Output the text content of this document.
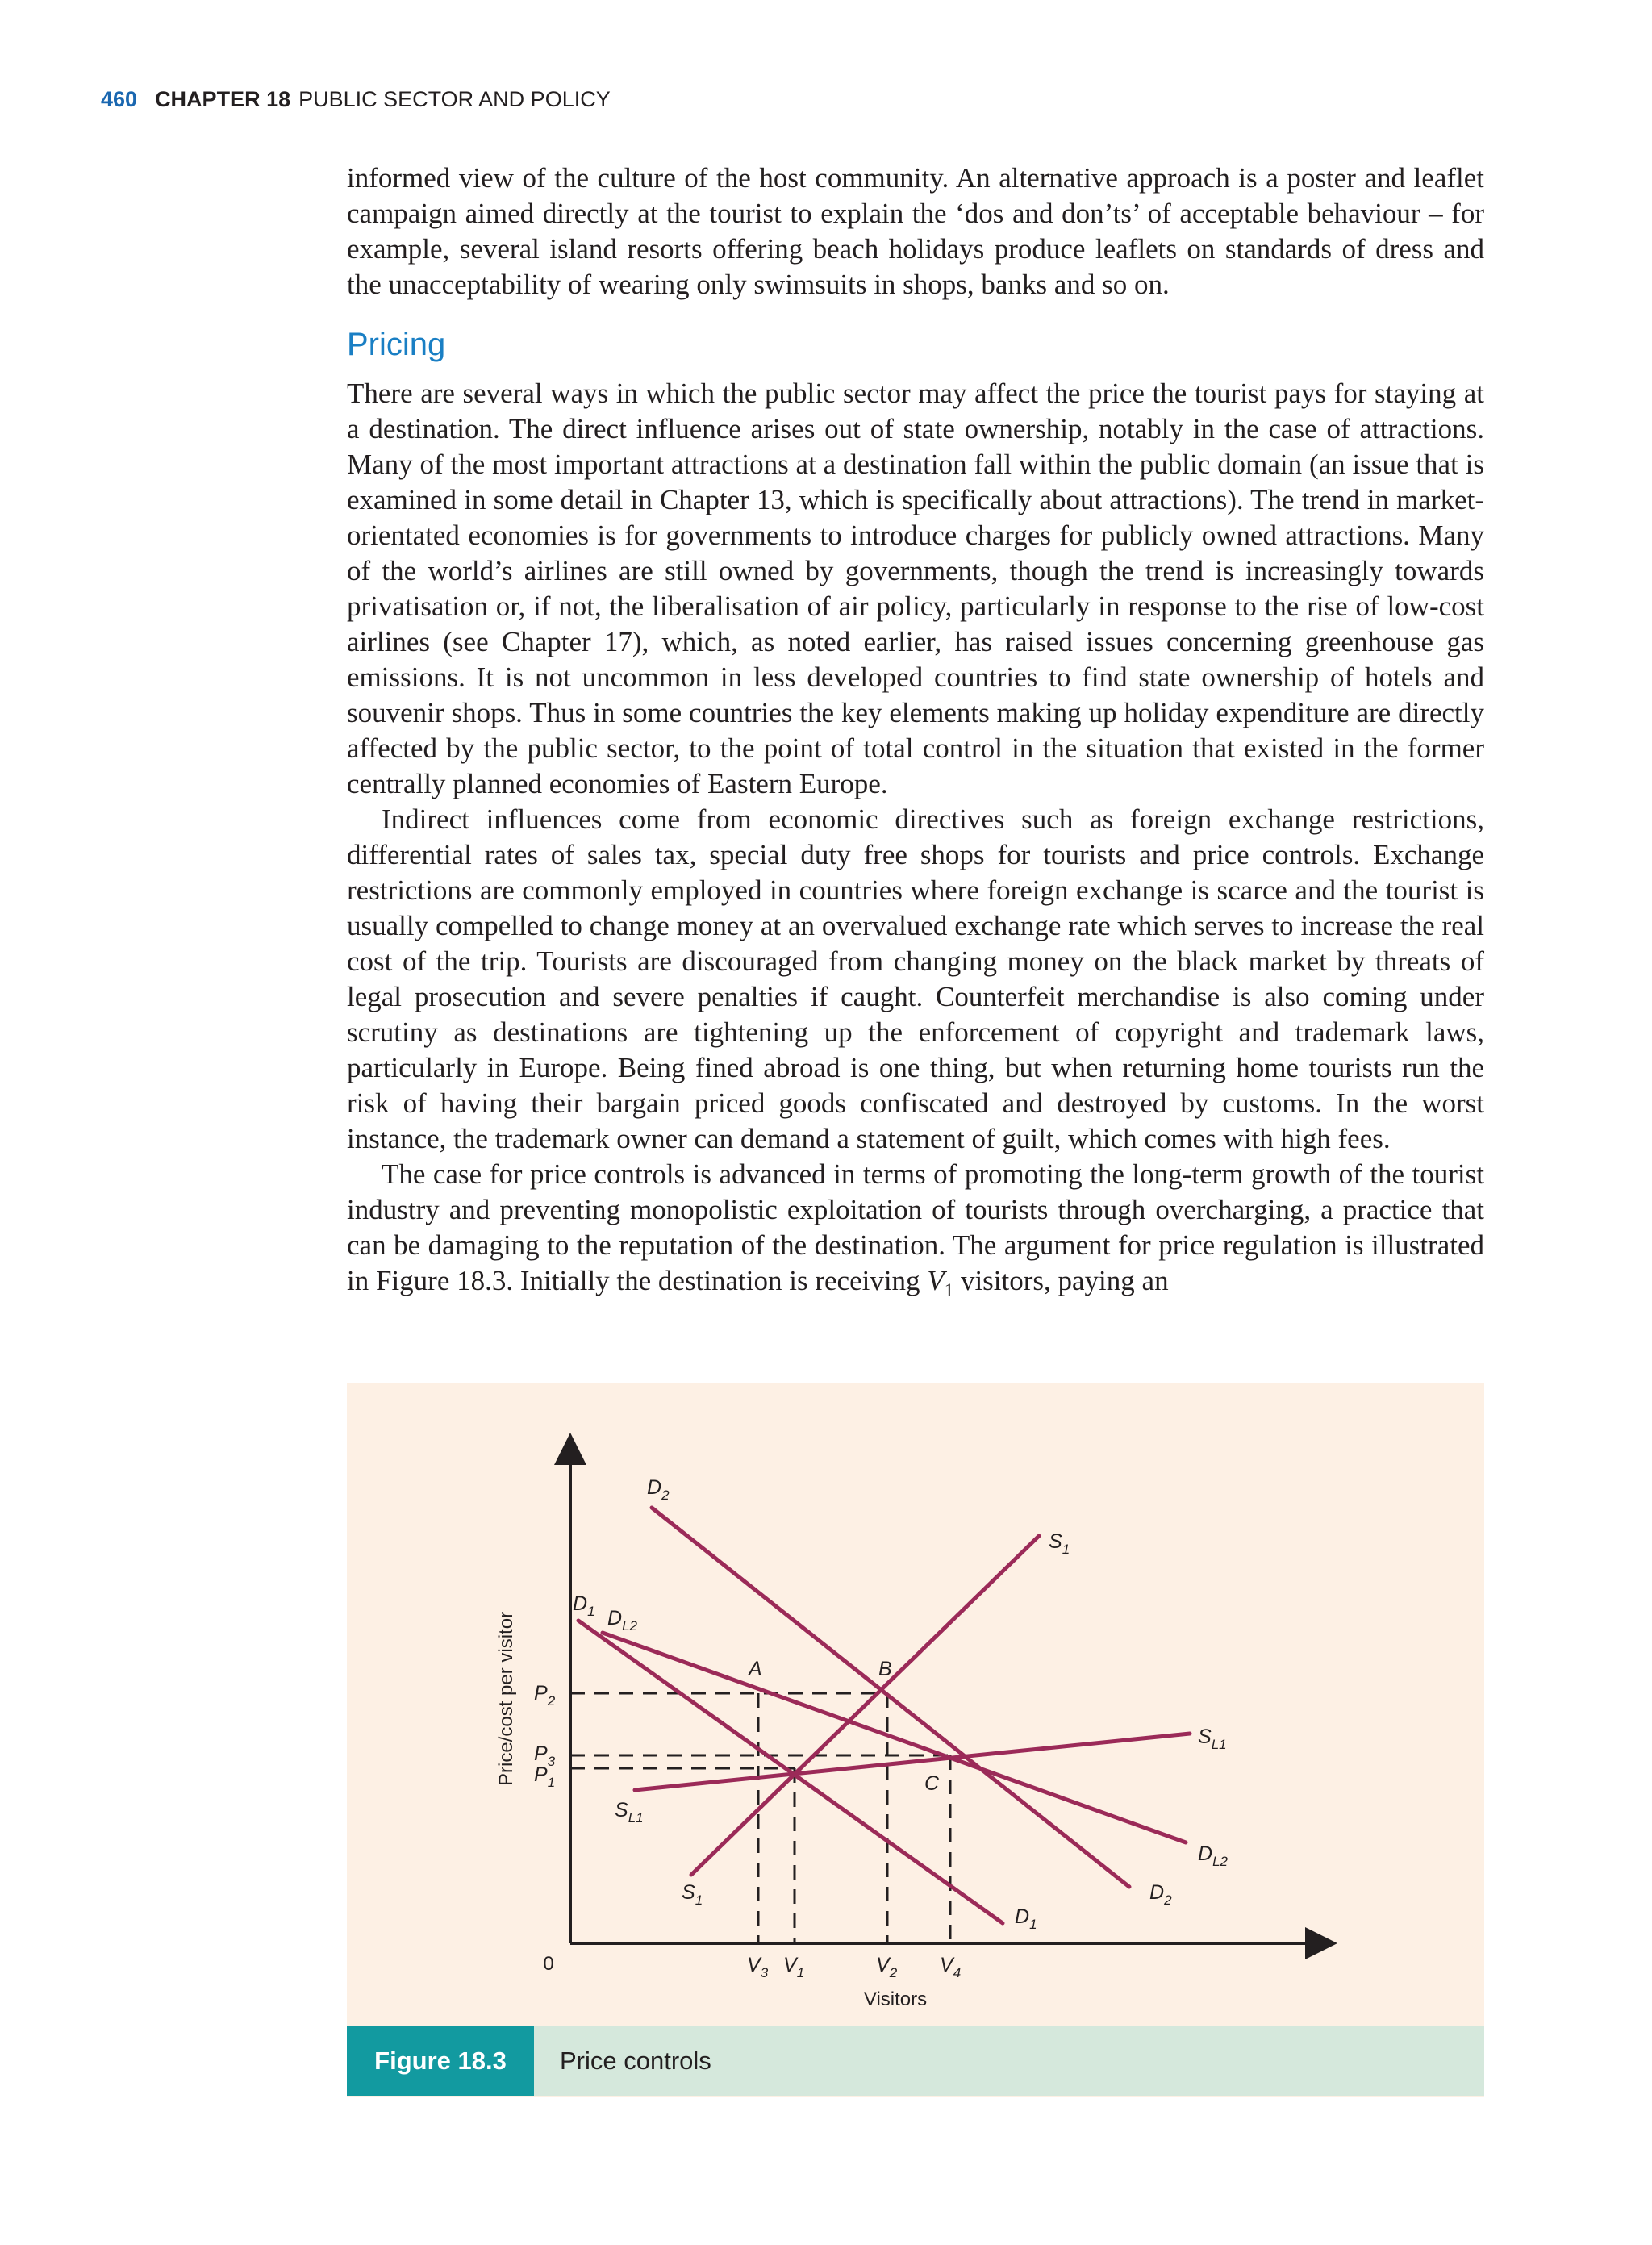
460 CHAPTER 18 PUBLIC SECTOR AND POLICY

informed view of the culture of the host community. An alternative approach is a poster and leaflet campaign aimed directly at the tourist to explain the ‘dos and don’ts’ of acceptable behaviour – for example, several island resorts offering beach holidays produce leaflets on standards of dress and the unacceptability of wearing only swimsuits in shops, banks and so on.

Pricing

There are several ways in which the public sector may affect the price the tourist pays for staying at a destination. The direct influence arises out of state ownership, notably in the case of attractions. Many of the most important attractions at a destination fall within the public domain (an issue that is examined in some detail in Chapter 13, which is specifically about attractions). The trend in market-orientated economies is for governments to introduce charges for publicly owned attractions. Many of the world’s airlines are still owned by governments, though the trend is increasingly towards privatisation or, if not, the liberalisation of air policy, particularly in response to the rise of low-cost airlines (see Chapter 17), which, as noted earlier, has raised issues concerning greenhouse gas emissions. It is not uncommon in less developed countries to find state ownership of hotels and souvenir shops. Thus in some countries the key elements making up holiday expenditure are directly affected by the public sector, to the point of total control in the situation that existed in the former centrally planned economies of Eastern Europe.

Indirect influences come from economic directives such as foreign exchange restrictions, differential rates of sales tax, special duty free shops for tourists and price controls. Exchange restrictions are commonly employed in countries where foreign exchange is scarce and the tourist is usually compelled to change money at an overvalued exchange rate which serves to increase the real cost of the trip. Tourists are discouraged from changing money on the black market by threats of legal prosecution and severe penalties if caught. Counterfeit merchandise is also coming under scrutiny as destinations are tightening up the enforcement of copyright and trademark laws, particularly in Europe. Being fined abroad is one thing, but when returning home tourists run the risk of having their bargain priced goods confiscated and destroyed by customs. In the worst instance, the trademark owner can demand a statement of guilt, which comes with high fees.

The case for price controls is advanced in terms of promoting the long-term growth of the tourist industry and preventing monopolistic exploitation of tourists through overcharging, a practice that can be damaging to the reputation of the destination. The argument for price regulation is illustrated in Figure 18.3. Initially the destination is receiving $V_1$ visitors, paying an

Price/cost per visitor
Visitors
0
$P_2$
$P_3$
$P_1$
$V_3$ $V_1$	$V_2$ $V_4$
A	B
C
$D_1$ $D_{L2}$
$D_2$
$S_1$
$S_{L1}$
$S_{L1}$
$D_{L2}$
$S_1$	$D_2$
$D_1$
Figure 18.3	Price controls
